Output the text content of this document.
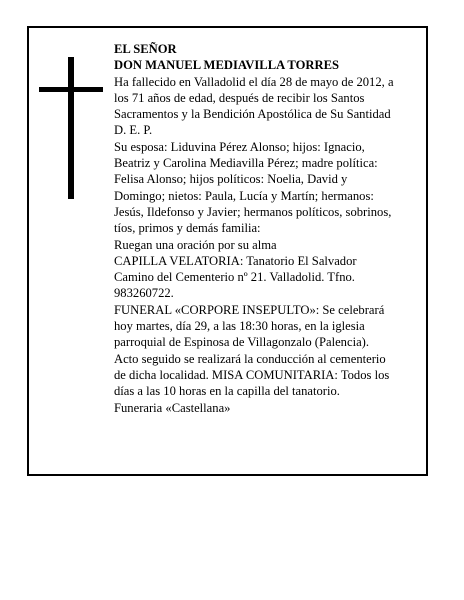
EL SEÑOR
DON MANUEL MEDIAVILLA TORRES
Ha fallecido en Valladolid el día 28 de mayo de 2012, a
los 71 años de edad, después de recibir los Santos
Sacramentos y la Bendición Apostólica de Su Santidad
D. E. P.
Su esposa: Liduvina Pérez Alonso; hijos: Ignacio,
Beatriz y Carolina Mediavilla Pérez; madre política:
Felisa Alonso; hijos políticos: Noelia, David y
Domingo; nietos: Paula, Lucía y Martín; hermanos:
Jesús, Ildefonso y Javier; hermanos políticos, sobrinos,
tíos, primos y demás familia:
Ruegan una oración por su alma
CAPILLA VELATORIA: Tanatorio El Salvador
Camino del Cementerio nº 21. Valladolid. Tfno.
983260722.
FUNERAL «CORPORE INSEPULTO»: Se celebrará
hoy martes, día 29, a las 18:30 horas, en la iglesia
parroquial de Espinosa de Villagonzalo (Palencia).
Acto seguido se realizará la conducción al cementerio
de dicha localidad. MISA COMUNITARIA: Todos los
días a las 10 horas en la capilla del tanatorio.
Funeraria «Castellana»
